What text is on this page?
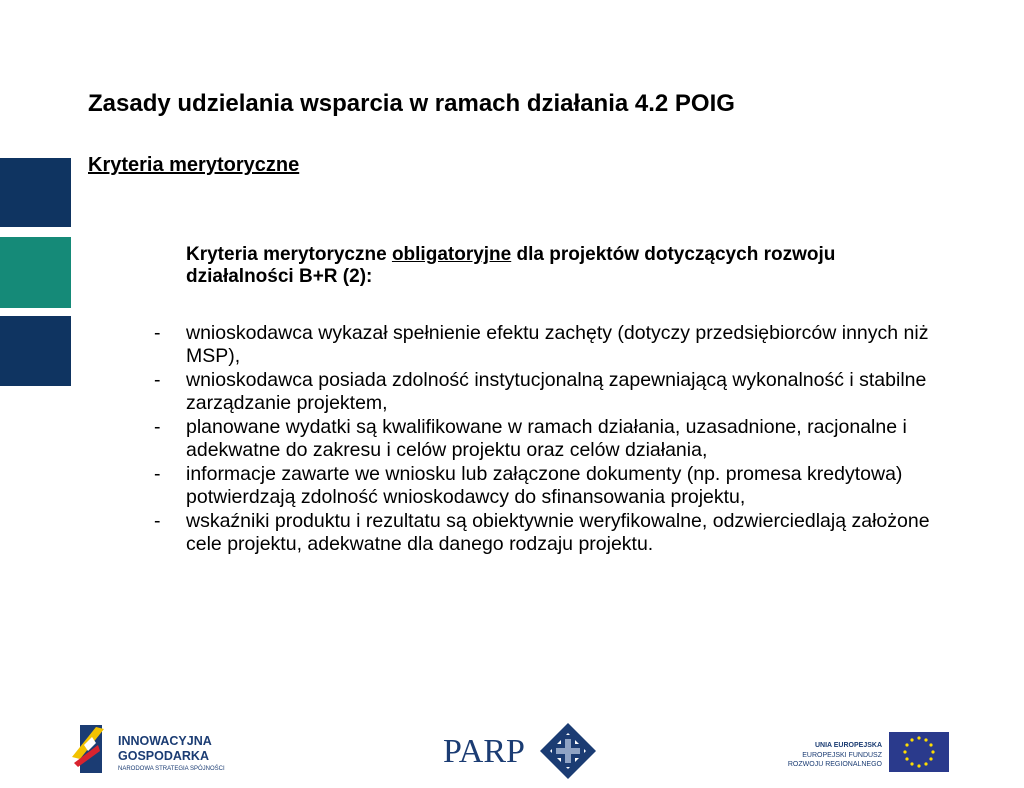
Zasady udzielania wsparcia w ramach działania 4.2 POIG
Kryteria merytoryczne
Kryteria merytoryczne obligatoryjne dla projektów dotyczących rozwoju działalności B+R (2):
- wnioskodawca wykazał spełnienie efektu zachęty (dotyczy przedsiębiorców innych niż MSP),
- wnioskodawca posiada zdolność instytucjonalną zapewniającą wykonalność i stabilne zarządzanie projektem,
- planowane wydatki są kwalifikowane w ramach działania, uzasadnione, racjonalne i adekwatne do zakresu i celów projektu oraz celów działania,
- informacje zawarte we wniosku lub załączone dokumenty (np. promesa kredytowa) potwierdzają zdolność wnioskodawcy do sfinansowania projektu,
- wskaźniki produktu i rezultatu są obiektywnie weryfikowalne, odzwierciedlają założone cele projektu, adekwatne dla danego rodzaju projektu.
INNOWACYJNA
GOSPODARKA
NARODOWA STRATEGIA SPÓJNOŚCI	PARP	UNIA EUROPEJSKA
EUROPEJSKI FUNDUSZ
ROZWOJU REGIONALNEGO
